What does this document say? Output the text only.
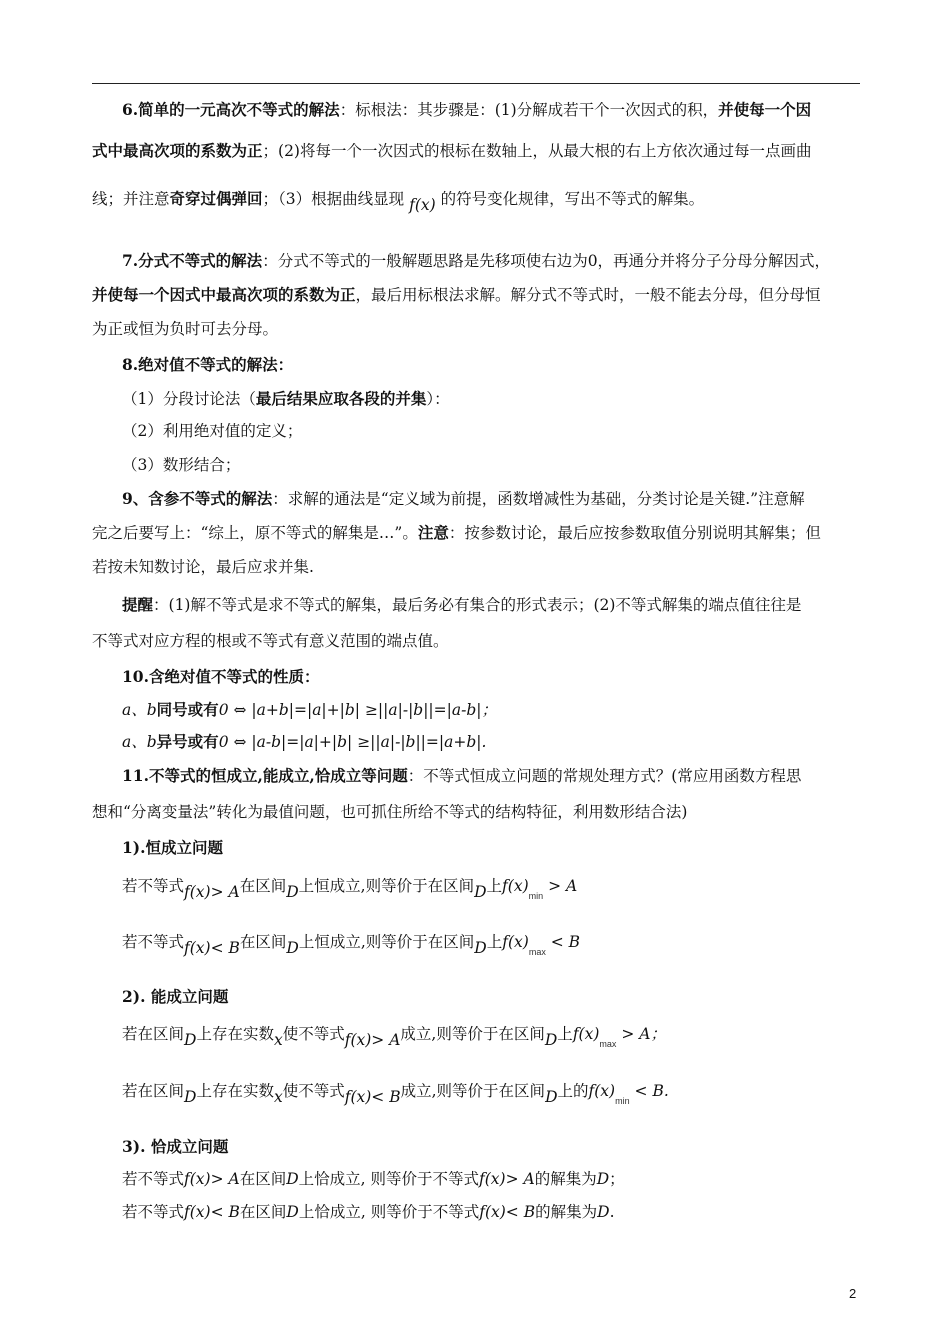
6.简单的一元高次不等式的解法：标根法：其步骤是：(1)分解成若干个一次因式的积，并使每一个因
式中最高次项的系数为正；(2)将每一个一次因式的根标在数轴上，从最大根的右上方依次通过每一点画曲
线；并注意奇穿过偶弹回；（3）根据曲线显现 f(x) 的符号变化规律，写出不等式的解集。
7.分式不等式的解法：分式不等式的一般解题思路是先移项使右边为0，再通分并将分子分母分解因式，
并使每一个因式中最高次项的系数为正，最后用标根法求解。解分式不等式时，一般不能去分母，但分母恒
为正或恒为负时可去分母。
8.绝对值不等式的解法：
（1）分段讨论法（最后结果应取各段的并集）：
（2）利用绝对值的定义；
（3）数形结合；
9、含参不等式的解法：求解的通法是“定义域为前提，函数增减性为基础，分类讨论是关键.”注意解
完之后要写上：“综上，原不等式的解集是…”。注意：按参数讨论，最后应按参数取值分别说明其解集；但
若按未知数讨论，最后应求并集.
提醒：(1)解不等式是求不等式的解集，最后务必有集合的形式表示；(2)不等式解集的端点值往往是
不等式对应方程的根或不等式有意义范围的端点值。
10.含绝对值不等式的性质：
a、b同号或有0 ⇔ |a+b|=|a|+|b| ≥||a|-|b||=|a-b|；
a、b异号或有0 ⇔ |a-b|=|a|+|b| ≥||a|-|b||=|a+b|.
11.不等式的恒成立,能成立,恰成立等问题：不等式恒成立问题的常规处理方式？(常应用函数方程思
想和“分离变量法”转化为最值问题，也可抓住所给不等式的结构特征，利用数形结合法)
1).恒成立问题
若不等式f(x)> A在区间D上恒成立,则等价于在区间D上$f(x)_{min} > A$
若不等式f(x)< B在区间D上恒成立,则等价于在区间D上$f(x)_{max} < B$
2). 能成立问题
若在区间D上存在实数x使不等式f(x)> A成立,则等价于在区间D上$f(x)_{max} > A$；
若在区间D上存在实数x使不等式f(x)< B成立,则等价于在区间D上的$f(x)_{min} < B$.
3). 恰成立问题
若不等式f(x)> A在区间D上恰成立, 则等价于不等式f(x)> A的解集为D；
若不等式f(x)< B在区间D上恰成立, 则等价于不等式f(x)< B的解集为D.
2
